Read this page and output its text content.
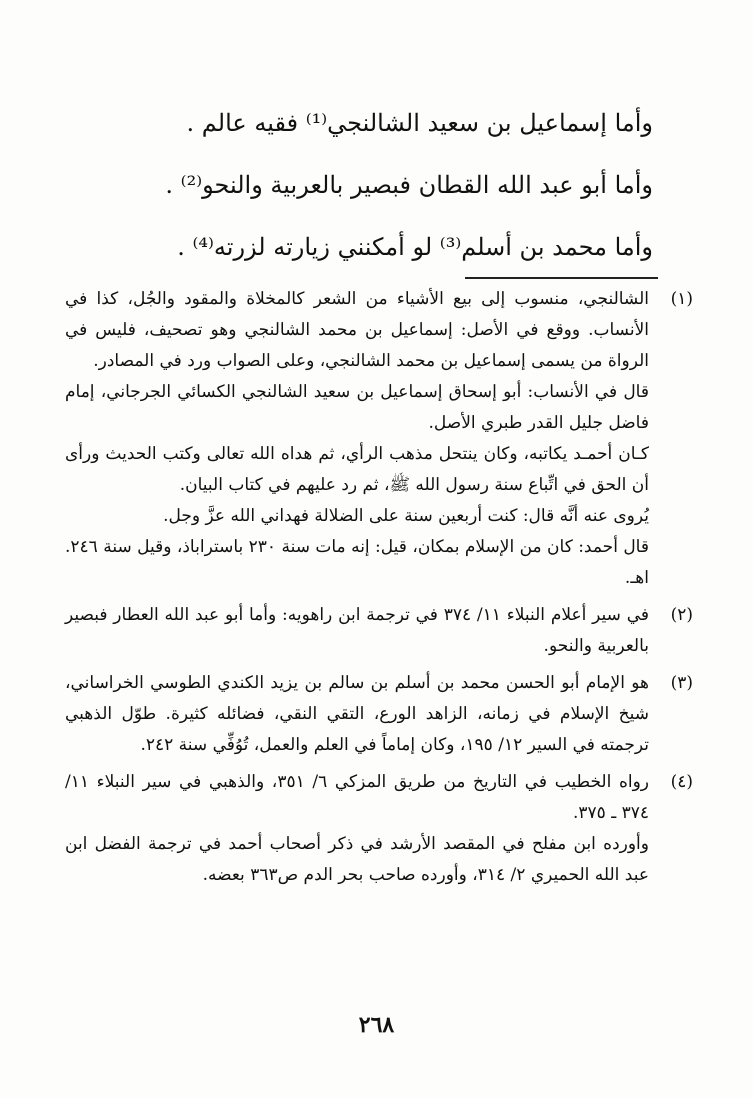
وأما إسماعيل بن سعيد الشالنجي⁽¹⁾ فقيه عالم .
وأما أبو عبد الله القطان فبصير بالعربية والنحو⁽²⁾ .
وأما محمد بن أسلم⁽³⁾ لو أمكنني زيارته لزرته⁽⁴⁾ .
(١)
الشالنجي، منسوب إلى بيع الأشياء من الشعر كالمخلاة والمقود والجُل، كذا في الأنساب. ووقع في الأصل: إسماعيل بن محمد الشالنجي وهو تصحيف، فليس في الرواة من يسمى إسماعيل بن محمد الشالنجي، وعلى الصواب ورد في المصادر.
قال في الأنساب: أبو إسحاق إسماعيل بن سعيد الشالنجي الكسائي الجرجاني، إمام فاضل جليل القدر طبري الأصل.
كـان أحمـد يكاتبه، وكان ينتحل مذهب الرأي، ثم هداه الله تعالى وكتب الحديث ورأى أن الحق في اتِّباع سنة رسول الله ﷺ، ثم رد عليهم في كتاب البيان.
يُروى عنه أنَّه قال: كنت أربعين سنة على الضلالة فهداني الله عزَّ وجل.
قال أحمد: كان من الإسلام بمكان، قيل: إنه مات سنة ٢٣٠ باستراباذ، وقيل سنة ٢٤٦. اهـ.
(٢)
في سير أعلام النبلاء ١١/ ٣٧٤ في ترجمة ابن راهويه: وأما أبو عبد الله العطار فبصير بالعربية والنحو.
(٣)
هو الإمام أبو الحسن محمد بن أسلم بن سالم بن يزيد الكندي الطوسي الخراساني، شيخ الإسلام في زمانه، الزاهد الورع، التقي النقي، فضائله كثيرة. طوّل الذهبي ترجمته في السير ١٢/ ١٩٥، وكان إماماً في العلم والعمل، تُوُفِّي سنة ٢٤٢.
(٤)
رواه الخطيب في التاريخ من طريق المزكي ٦/ ٣٥١، والذهبي في سير النبلاء ١١/ ٣٧٤ ـ ٣٧٥.
وأورده ابن مفلح في المقصد الأرشد في ذكر أصحاب أحمد في ترجمة الفضل ابن عبد الله الحميري ٢/ ٣١٤، وأورده صاحب بحر الدم ص٣٦٣ بعضه.
٢٦٨
